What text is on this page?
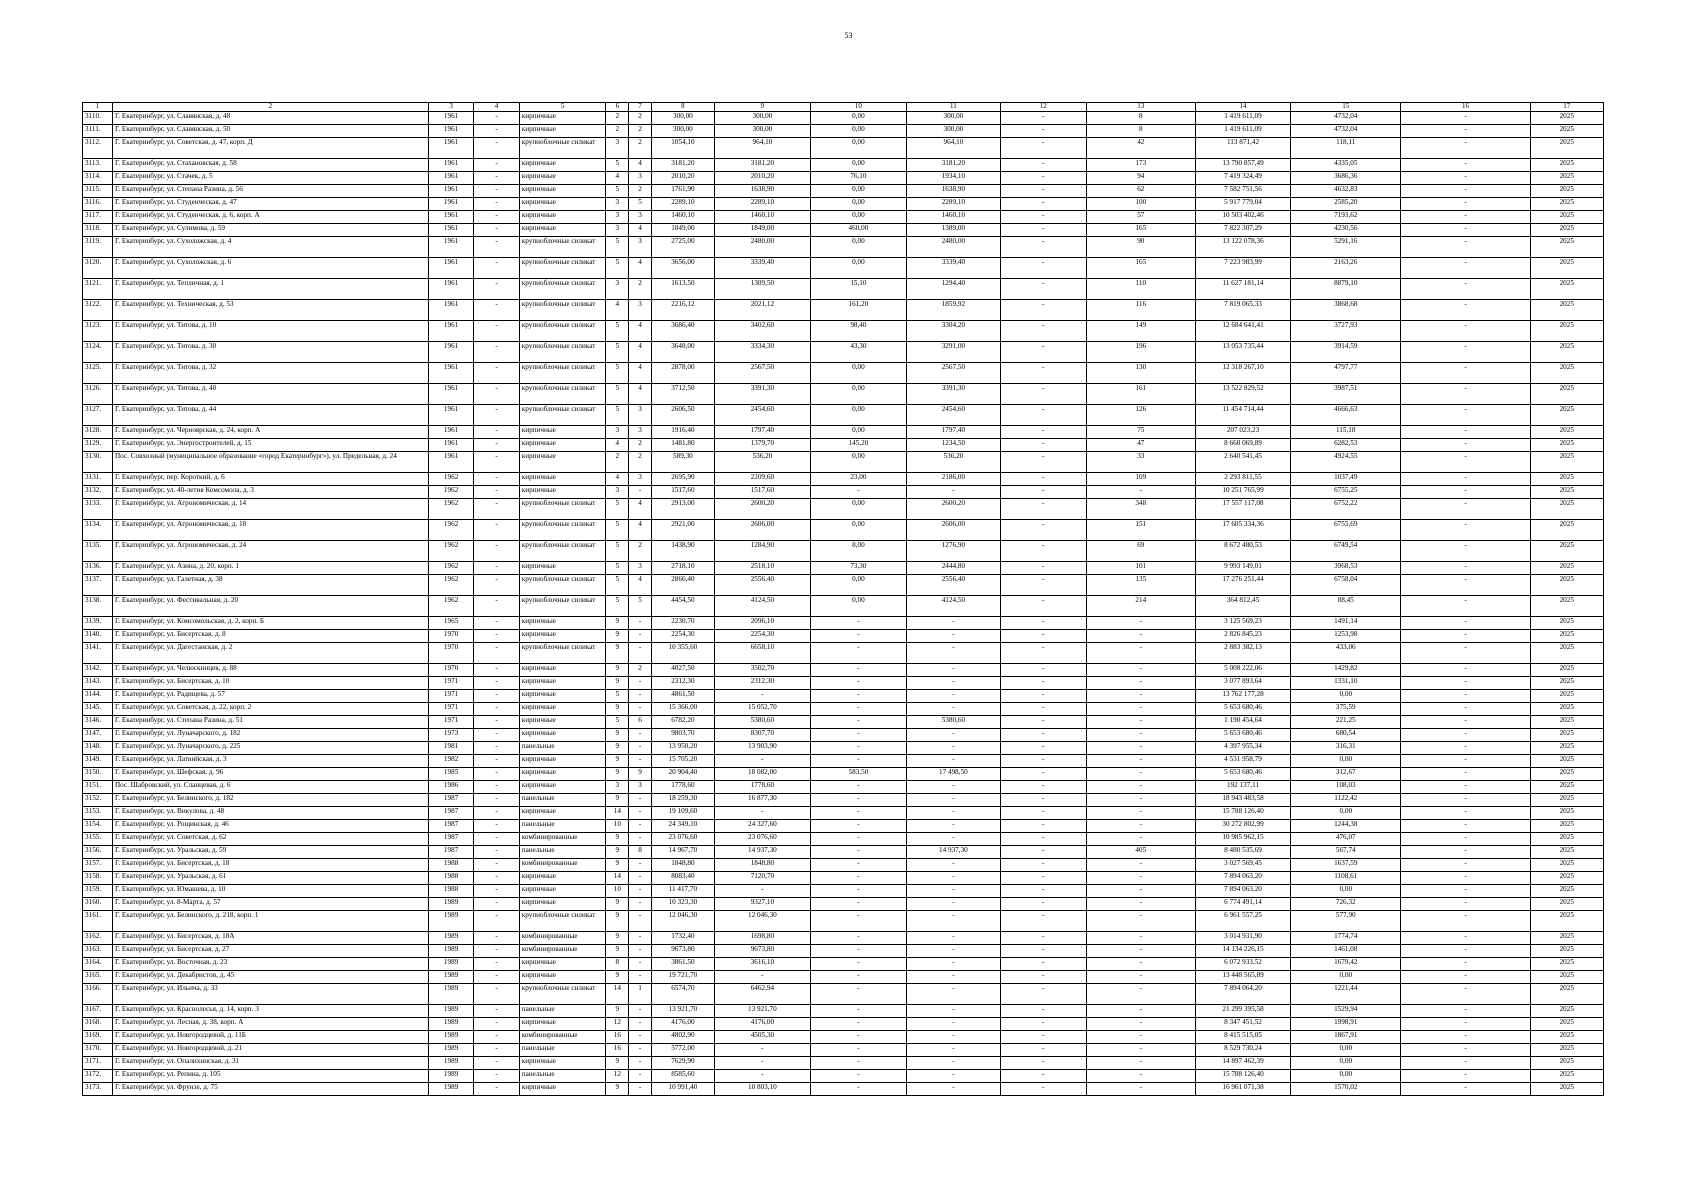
53
1	2	3	4	5	6	7	8	9	10	11	12	13	14	15	16	17
3110.	Г. Екатеринбург, ул. Славянская, д. 48	1961	-	кирпичные	2	2	300,00	300,00	0,00	300,00	-	8	1 419 611,09	4732,04	-	2025
3111.	Г. Екатеринбург, ул. Славянская, д. 50	1961	-	кирпичные	2	2	300,00	300,00	0,00	300,00	-	8	1 419 611,09	4732,04	-	2025
3112.	Г. Екатеринбург, ул. Советская, д. 47, корп. Д	1961	-	крупноблочные силикат	3	2	1054,10	964,10	0,00	964,10	-	42	113 871,42	118,11	-	2025
3113.	Г. Екатеринбург, ул. Стахановская, д. 58	1961	-	кирпичные	5	4	3181,20	3181,20	0,00	3181,20	-	173	13 790 857,49	4335,05	-	2025
3114.	Г. Екатеринбург, ул. Стачек, д. 5	1961	-	кирпичные	4	3	2010,20	2010,20	76,10	1934,10	-	94	7 419 324,49	3686,36	-	2025
3115.	Г. Екатеринбург, ул. Степана Разина, д. 56	1961	-	кирпичные	5	2	1761,90	1638,90	0,00	1638,90	-	62	7 582 751,56	4632,83	-	2025
3116.	Г. Екатеринбург, ул. Студенческая, д. 47	1961	-	кирпичные	3	5	2289,10	2289,10	0,00	2289,10	-	100	5 917 779,04	2585,20	-	2025
3117.	Г. Екатеринбург, ул. Студенческая, д. 6, корп. А	1961	-	кирпичные	3	3	1460,10	1460,10	0,00	1460,10	-	57	10 503 402,46	7193,62	-	2025
3118.	Г. Екатеринбург, ул. Сулимова, д. 59	1961	-	кирпичные	3	4	1849,00	1849,00	460,00	1389,00	-	165	7 822 307,29	4230,56	-	2025
3119.	Г. Екатеринбург, ул. Сухоложская, д. 4	1961	-	крупноблочные силикат	5	3	2725,00	2480,00	0,00	2480,00	-	90	13 122 078,36	5291,16	-	2025
3120.	Г. Екатеринбург, ул. Сухоложская, д. 6	1961	-	крупноблочные силикат	5	4	3656,00	3339,40	0,00	3339,40	-	165	7 223 983,99	2163,26	-	2025
3121.	Г. Екатеринбург, ул. Тепличная, д. 1	1961	-	крупноблочные силикат	3	2	1613,50	1309,50	15,10	1294,40	-	110	11 627 181,14	8879,10	-	2025
3122.	Г. Екатеринбург, ул. Техническая, д. 53	1961	-	крупноблочные силикат	4	3	2216,12	2021,12	161,20	1859,92	-	116	7 819 065,33	3868,68	-	2025
3123.	Г. Екатеринбург, ул. Титова, д. 10	1961	-	крупноблочные силикат	5	4	3686,40	3402,60	98,40	3304,20	-	149	12 684 641,41	3727,93	-	2025
3124.	Г. Екатеринбург, ул. Титова, д. 30	1961	-	крупноблочные силикат	5	4	3648,00	3334,30	43,30	3291,00	-	196	13 053 735,44	3914,59	-	2025
3125.	Г. Екатеринбург, ул. Титова, д. 32	1961	-	крупноблочные силикат	5	4	2878,00	2567,50	0,00	2567,50	-	130	12 318 267,10	4797,77	-	2025
3126.	Г. Екатеринбург, ул. Титова, д. 40	1961	-	крупноблочные силикат	5	4	3712,50	3391,30	0,00	3391,30	-	161	13 522 829,52	3987,51	-	2025
3127.	Г. Екатеринбург, ул. Титова, д. 44	1961	-	крупноблочные силикат	5	3	2606,50	2454,60	0,00	2454,60	-	126	11 454 714,44	4666,63	-	2025
3128.	Г. Екатеринбург, ул. Черноярская, д. 24, корп. А	1961	-	кирпичные	3	3	1916,40	1797,40	0,00	1797,40	-	75	207 023,23	115,18	-	2025
3129.	Г. Екатеринбург, ул. Энергостроителей, д. 15	1961	-	кирпичные	4	2	1481,80	1379,70	145,20	1234,50	-	47	8 668 069,89	6282,53	-	2025
3130.	Пос. Совхозный (муниципальное образование «город Екатеринбург»), ул. Предельная, д. 24	1961	-	кирпичные	2	2	589,30	536,20	0,00	536,20	-	33	2 640 541,45	4924,55	-	2025
3131.	Г. Екатеринбург, пер. Короткий, д. 6	1962	-	кирпичные	4	3	2695,90	2209,60	23,00	2186,00	-	109	2 293 811,55	1037,49	-	2025
3132.	Г. Екатеринбург, ул. 40-летия Комсомола, д. 3	1962	-	кирпичные	3	-	1517,60	1517,60	-	-	-	-	10 251 765,99	6755,25	-	2025
3133.	Г. Екатеринбург, ул. Агрономическая, д. 14	1962	-	крупноблочные силикат	5	4	2913,00	2600,20	0,00	2600,20	-	348	17 557 117,08	6752,22	-	2025
3134.	Г. Екатеринбург, ул. Агрономическая, д. 18	1962	-	крупноблочные силикат	5	4	2921,00	2606,00	0,00	2606,00	-	151	17 605 334,36	6755,69	-	2025
3135.	Г. Екатеринбург, ул. Агрономическая, д. 24	1962	-	крупноблочные силикат	5	2	1438,90	1284,90	8,00	1276,90	-	69	8 672 480,53	6749,54	-	2025
3136.	Г. Екатеринбург, ул. Азина, д. 20, корп. 1	1962	-	кирпичные	5	3	2718,10	2518,10	73,30	2444,80	-	101	9 993 149,01	3968,53	-	2025
3137.	Г. Екатеринбург, ул. Галетная, д. 38	1962	-	крупноблочные силикат	5	4	2866,40	2556,40	0,00	2556,40	-	135	17 276 251,44	6758,04	-	2025
3138.	Г. Екатеринбург, ул. Фестивальная, д. 20	1962	-	крупноблочные силикат	5	5	4454,50	4124,50	0,00	4124,50	-	214	364 812,45	88,45	-	2025
3139.	Г. Екатеринбург, ул. Комсомольская, д. 2, корп. Б	1965	-	кирпичные	9	-	2230,70	2096,10	-	-	-	-	3 125 569,23	1491,14	-	2025
3140.	Г. Екатеринбург, ул. Бисертская, д. 8	1970	-	кирпичные	9	-	2254,30	2254,30	-	-	-	-	2 826 845,23	1253,98	-	2025
3141.	Г. Екатеринбург, ул. Дагестанская, д. 2	1970	-	крупноблочные силикат	9	-	10 355,60	6658,10	-	-	-	-	2 883 382,13	433,06	-	2025
3142.	Г. Екатеринбург, ул. Челюскинцев, д. 88	1970	-	кирпичные	9	2	4027,50	3502,70	-	-	-	-	5 008 222,06	1429,82	-	2025
3143.	Г. Екатеринбург, ул. Бисертская, д. 10	1971	-	кирпичные	9	-	2312,30	2312,30	-	-	-	-	3 077 893,64	1331,10	-	2025
3144.	Г. Екатеринбург, ул. Радищева, д. 57	1971	-	кирпичные	5	-	4861,50	-	-	-	-	-	13 762 177,28	0,00	-	2025
3145.	Г. Екатеринбург, ул. Советская, д. 22, корп. 2	1971	-	кирпичные	9	-	15 366,00	15 052,70	-	-	-	-	5 653 680,46	375,59	-	2025
3146.	Г. Екатеринбург, ул. Степана Разина, д. 51	1971	-	кирпичные	5	6	6782,20	5380,60	-	5380,60	-	-	1 190 454,64	221,25	-	2025
3147.	Г. Екатеринбург, ул. Луначарского, д. 182	1973	-	кирпичные	9	-	9803,70	8307,70	-	-	-	-	5 653 680,46	680,54	-	2025
3148.	Г. Екатеринбург, ул. Луначарского, д. 225	1981	-	панельные	9	-	13 950,20	13 903,90	-	-	-	-	4 397 955,34	316,31	-	2025
3149.	Г. Екатеринбург, ул. Латвийская, д. 3	1982	-	кирпичные	9	-	15 705,20	-	-	-	-	-	4 531 958,79	0,00	-	2025
3150.	Г. Екатеринбург, ул. Шефская, д. 96	1985	-	кирпичные	9	9	20 904,40	18 082,00	583,50	17 498,50	-	-	5 653 680,46	312,67	-	2025
3151.	Пос. Шабровский, ул. Сланцевая, д. 6	1986	-	кирпичные	3	3	1778,60	1778,60	-	-	-	-	192 137,11	108,03	-	2025
3152.	Г. Екатеринбург, ул. Белинского, д. 182	1987	-	панельные	9	-	18 259,30	16 877,30	-	-	-	-	18 943 483,58	1122,42	-	2025
3153.	Г. Екатеринбург, ул. Викулова, д. 48	1987	-	кирпичные	14	-	19 109,60	-	-	-	-	-	15 788 126,40	0,00	-	2025
3154.	Г. Екатеринбург, ул. Рощинская, д. 46	1987	-	панельные	10	-	24 349,10	24 327,60	-	-	-	-	30 272 802,99	1244,38	-	2025
3155.	Г. Екатеринбург, ул. Советская, д. 62	1987	-	комбинированные	9	-	23 076,60	23 076,60	-	-	-	-	10 985 962,15	476,07	-	2025
3156.	Г. Екатеринбург, ул. Уральская, д. 59	1987	-	панельные	9	8	14 967,70	14 937,30	-	14 937,30	-	405	8 480 535,69	567,74	-	2025
3157.	Г. Екатеринбург, ул. Бисертская, д. 18	1988	-	комбинированные	9	-	1848,80	1848,80	-	-	-	-	3 027 569,45	1637,59	-	2025
3158.	Г. Екатеринбург, ул. Уральская, д. 61	1988	-	кирпичные	14	-	8083,40	7120,70	-	-	-	-	7 894 063,20	1108,61	-	2025
3159.	Г. Екатеринбург, ул. Юмашева, д. 10	1988	-	кирпичные	10	-	11 417,70	-	-	-	-	-	7 894 063,20	0,00	-	2025
3160.	Г. Екатеринбург, ул. 8-Марта, д. 57	1989	-	кирпичные	9	-	10 323,30	9327,10	-	-	-	-	6 774 491,14	726,32	-	2025
3161.	Г. Екатеринбург, ул. Белинского, д. 218, корп. 1	1989	-	крупноблочные силикат	9	-	12 046,30	12 046,30	-	-	-	-	6 961 557,25	577,90	-	2025
3162.	Г. Екатеринбург, ул. Бисертская, д. 18А	1989	-	комбинированные	9	-	1732,40	1698,80	-	-	-	-	3 014 931,90	1774,74	-	2025
3163.	Г. Екатеринбург, ул. Бисертская, д. 27	1989	-	комбинированные	9	-	9673,80	9673,80	-	-	-	-	14 134 226,15	1461,08	-	2025
3164.	Г. Екатеринбург, ул. Восточная, д. 23	1989	-	кирпичные	8	-	3861,50	3616,10	-	-	-	-	6 072 933,52	1679,42	-	2025
3165.	Г. Екатеринбург, ул. Декабристов, д. 45	1989	-	кирпичные	9	-	19 721,70	-	-	-	-	-	13 448 565,89	0,00	-	2025
3166.	Г. Екатеринбург, ул. Ильича, д. 33	1989	-	крупноблочные силикат	14	1	6574,70	6462,94	-	-	-	-	7 894 064,20	1221,44	-	2025
3167.	Г. Екатеринбург, ул. Краснолесья, д. 14, корп. 3	1989	-	панельные	9	-	13 921,70	13 921,70	-	-	-	-	21 299 395,58	1529,94	-	2025
3168.	Г. Екатеринбург, ул. Лесная, д. 38, корп. А	1989	-	кирпичные	12	-	4176,00	4176,00	-	-	-	-	8 347 451,52	1998,91	-	2025
3169.	Г. Екатеринбург, ул. Новгородцевой, д. 11Б	1989	-	комбинированные	16	-	4802,90	4505,30	-	-	-	-	8 415 515,05	1867,91	-	2025
3170.	Г. Екатеринбург, ул. Новгородцевой, д. 21	1989	-	панельные	16	-	5772,00	-	-	-	-	-	8 529 730,24	0,00	-	2025
3171.	Г. Екатеринбург, ул. Опалихинская, д. 31	1989	-	кирпичные	9	-	7629,90	-	-	-	-	-	14 897 462,39	0,00	-	2025
3172.	Г. Екатеринбург, ул. Репина, д. 105	1989	-	панельные	12	-	8585,60	-	-	-	-	-	15 788 126,40	0,00	-	2025
3173.	Г. Екатеринбург, ул. Фрунзе, д. 75	1989	-	кирпичные	9	-	10 991,40	10 803,10	-	-	-	-	16 961 071,38	1570,02	-	2025
